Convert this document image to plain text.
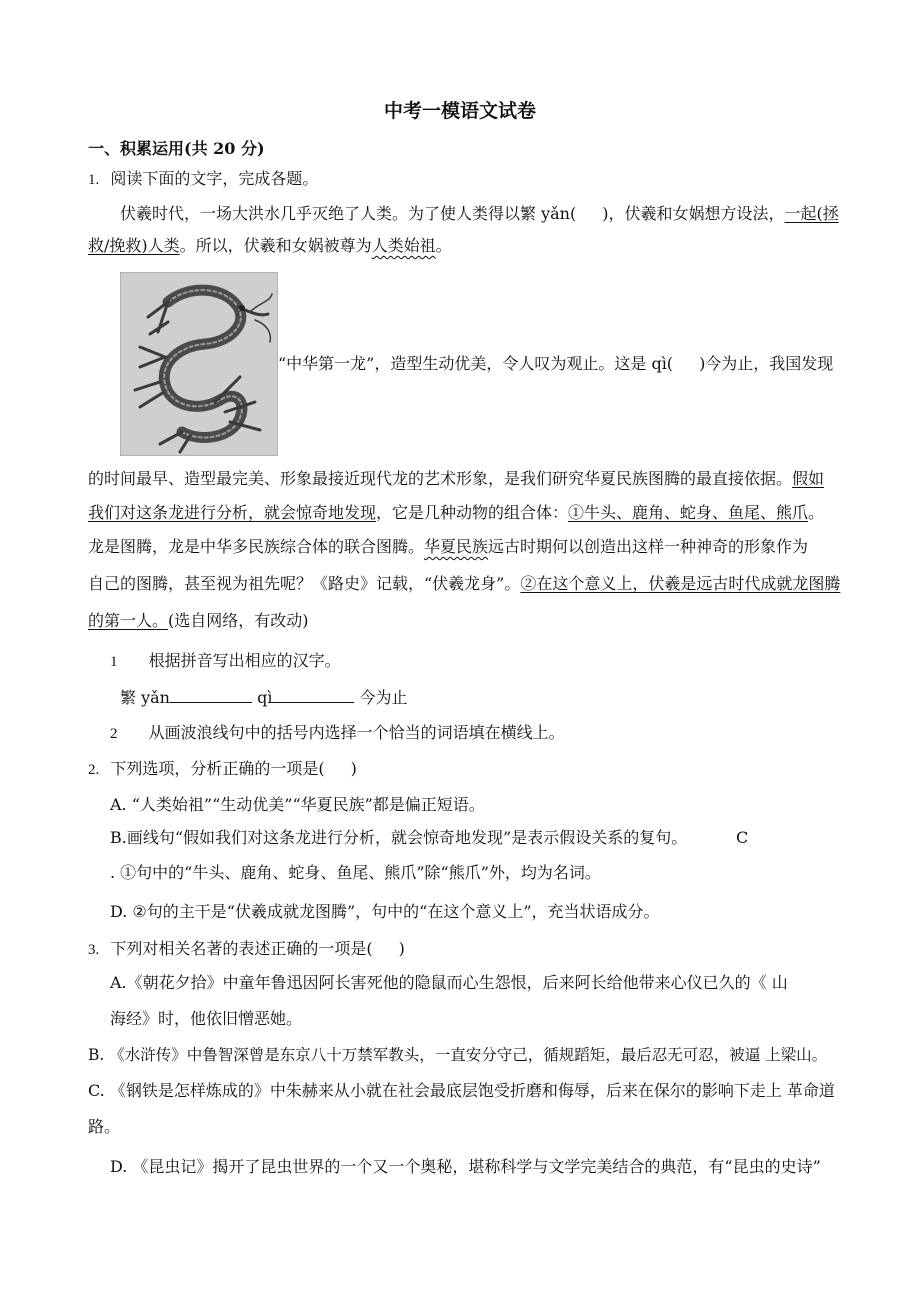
中考一模语文试卷
一、积累运用(共 20 分)
1. 阅读下面的文字，完成各题。
伏羲时代，一场大洪水几乎灭绝了人类。为了使人类得以繁 yǎn( )，伏羲和女娲想方设法，一起(拯
救/挽救)人类。所以，伏羲和女娲被尊为人类始祖。
“中华第一龙”，造型生动优美，令人叹为观止。这是 qì( )今为止，我国发现
的时间最早、造型最完美、形象最接近现代龙的艺术形象，是我们研究华夏民族图腾的最直接依据。假如
我们对这条龙进行分析，就会惊奇地发现，它是几种动物的组合体：①牛头、鹿角、蛇身、鱼尾、熊爪。
龙是图腾，龙是中华多民族综合体的联合图腾。华夏民族远古时期何以创造出这样一种神奇的形象作为
自己的图腾，甚至视为祖先呢？《路史》记载，“伏羲龙身”。②在这个意义上，伏羲是远古时代成就龙图腾
的第一人。(选自网络，有改动)
1 根据拼音写出相应的汉字。
繁 yǎn	qì	今为止
2 从画波浪线句中的括号内选择一个恰当的词语填在横线上。
2. 下列选项，分析正确的一项是( )
A. “人类始祖”“生动优美”“华夏民族”都是偏正短语。
B.画线句“假如我们对这条龙进行分析，就会惊奇地发现”是表示假设关系的复句。	C
. ①句中的“牛头、鹿角、蛇身、鱼尾、熊爪”除“熊爪”外，均为名词。
D. ②句的主干是“伏羲成就龙图腾”，句中的“在这个意义上”，充当状语成分。
3. 下列对相关名著的表述正确的一项是( )
A.《朝花夕拾》中童年鲁迅因阿长害死他的隐鼠而心生怨恨，后来阿长给他带来心仪已久的《 山
海经》时，他依旧憎恶她。
B. 《水浒传》中鲁智深曾是东京八十万禁军教头，一直安分守己，循规蹈矩，最后忍无可忍，被逼 上梁山。
C. 《钢铁是怎样炼成的》中朱赫来从小就在社会最底层饱受折磨和侮辱，后来在保尔的影响下走上 革命道
路。
D. 《昆虫记》揭开了昆虫世界的一个又一个奥秘，堪称科学与文学完美结合的典范，有“昆虫的史诗”
